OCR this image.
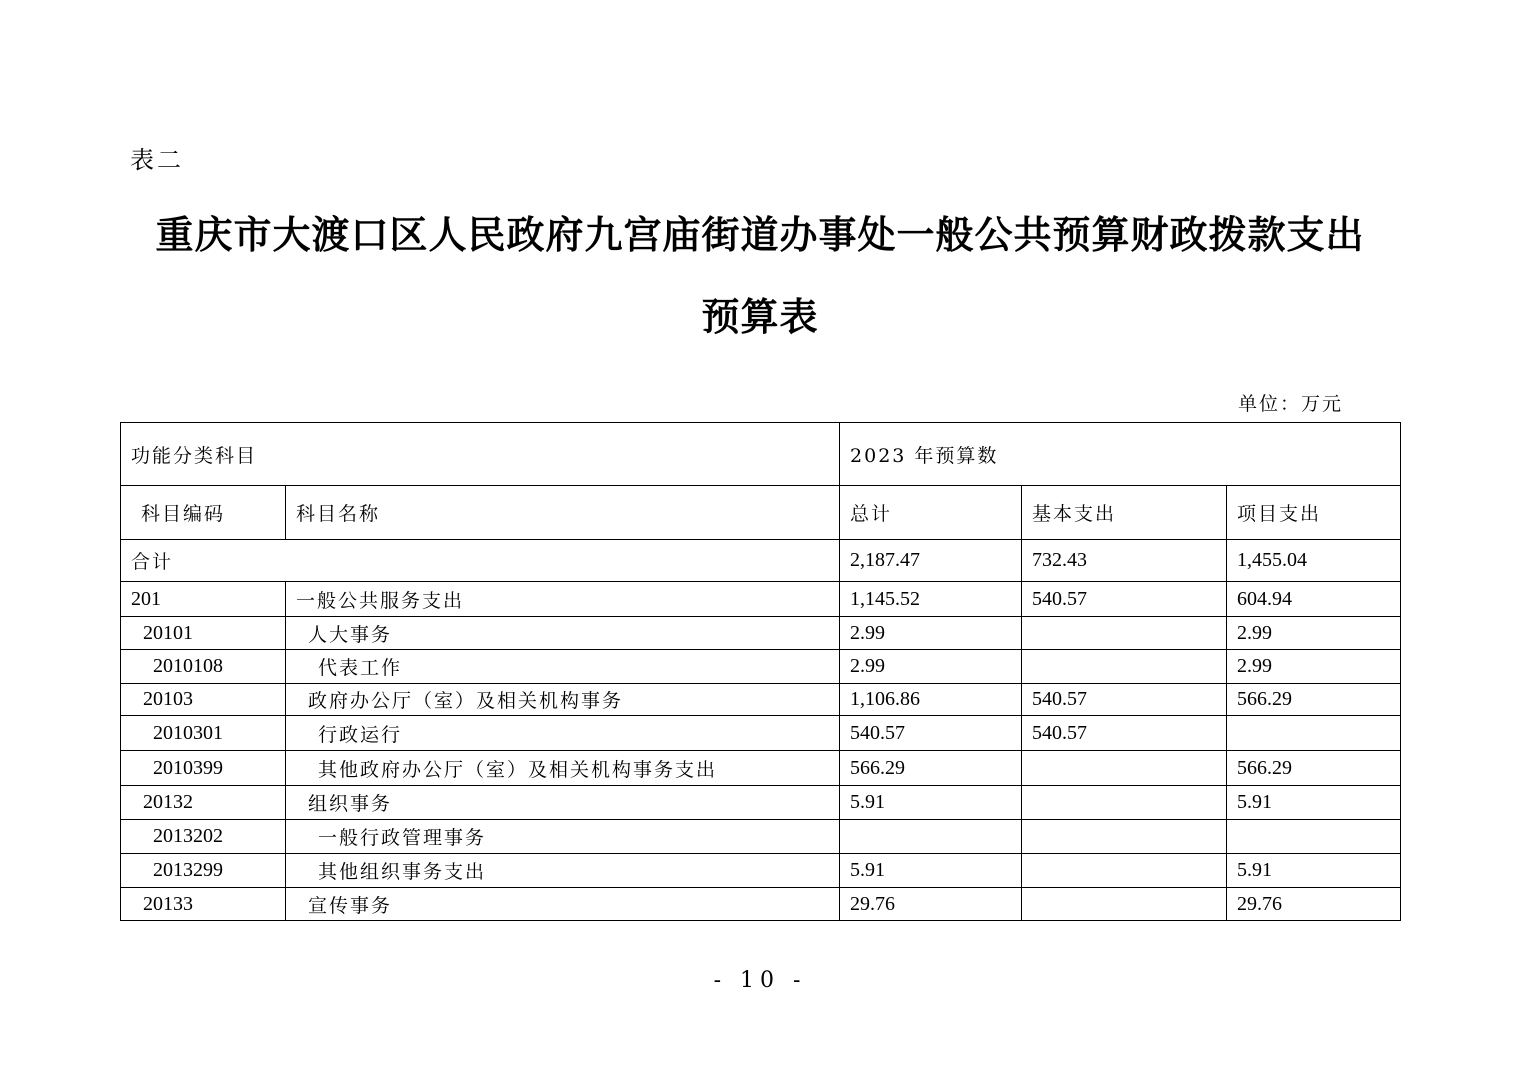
表二
重庆市大渡口区人民政府九宫庙街道办事处一般公共预算财政拨款支出
预算表
单位：万元
功能分类科目		2023 年预算数		
科目编码	科目名称	总计	基本支出	项目支出
合计		2,187.47	732.43	1,455.04
201	一般公共服务支出	1,145.52	540.57	604.94
20101	人大事务	2.99		2.99
2010108	代表工作	2.99		2.99
20103	政府办公厅（室）及相关机构事务	1,106.86	540.57	566.29
2010301	行政运行	540.57	540.57	
2010399	其他政府办公厅（室）及相关机构事务支出	566.29		566.29
20132	组织事务	5.91		5.91
2013202	一般行政管理事务			
2013299	其他组织事务支出	5.91		5.91
20133	宣传事务	29.76		29.76
- 10 -
